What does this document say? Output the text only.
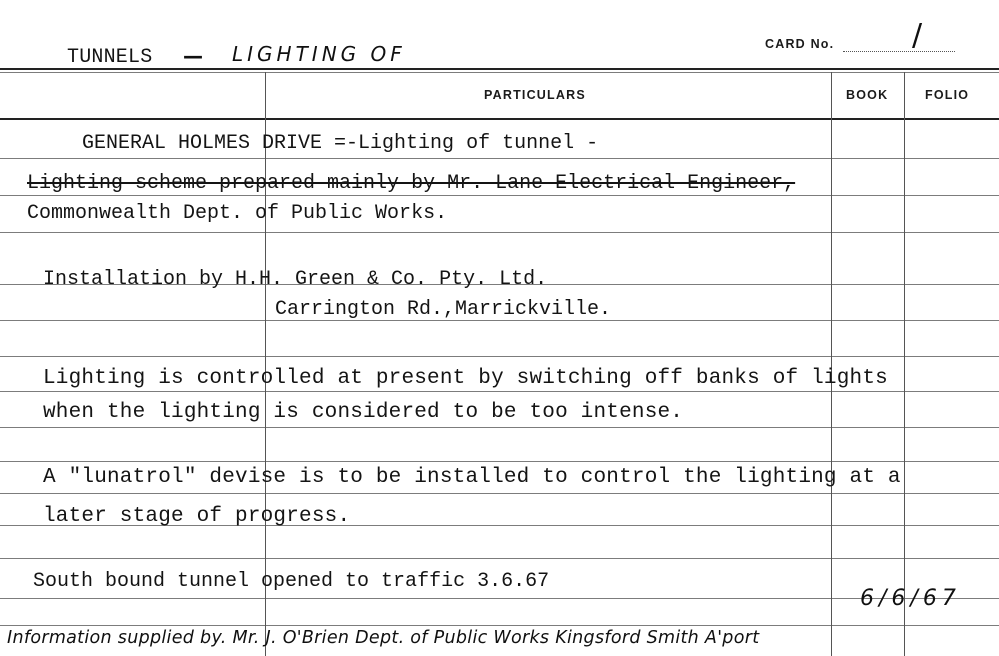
TUNNELS — LIGHTING OF	CARD No.	/
PARTICULARS	BOOK	FOLIO
GENERAL HOLMES DRIVE =-Lighting of tunnel -
Lighting scheme prepared mainly by Mr. Lane Electrical Engineer,
Commonwealth Dept. of Public Works.
Installation by H.H. Green & Co. Pty. Ltd.
Carrington Rd.,Marrickville.
Lighting is controlled at present by switching off banks of lights
when the lighting is considered to be too intense.
A "lunatrol" devise is to be installed to control the lighting at a
later stage of progress.
South bound tunnel opened to traffic 3.6.67
6/6/67
Information supplied by. Mr. J. O'Brien Dept. of Public Works Kingsford Smith A'port
